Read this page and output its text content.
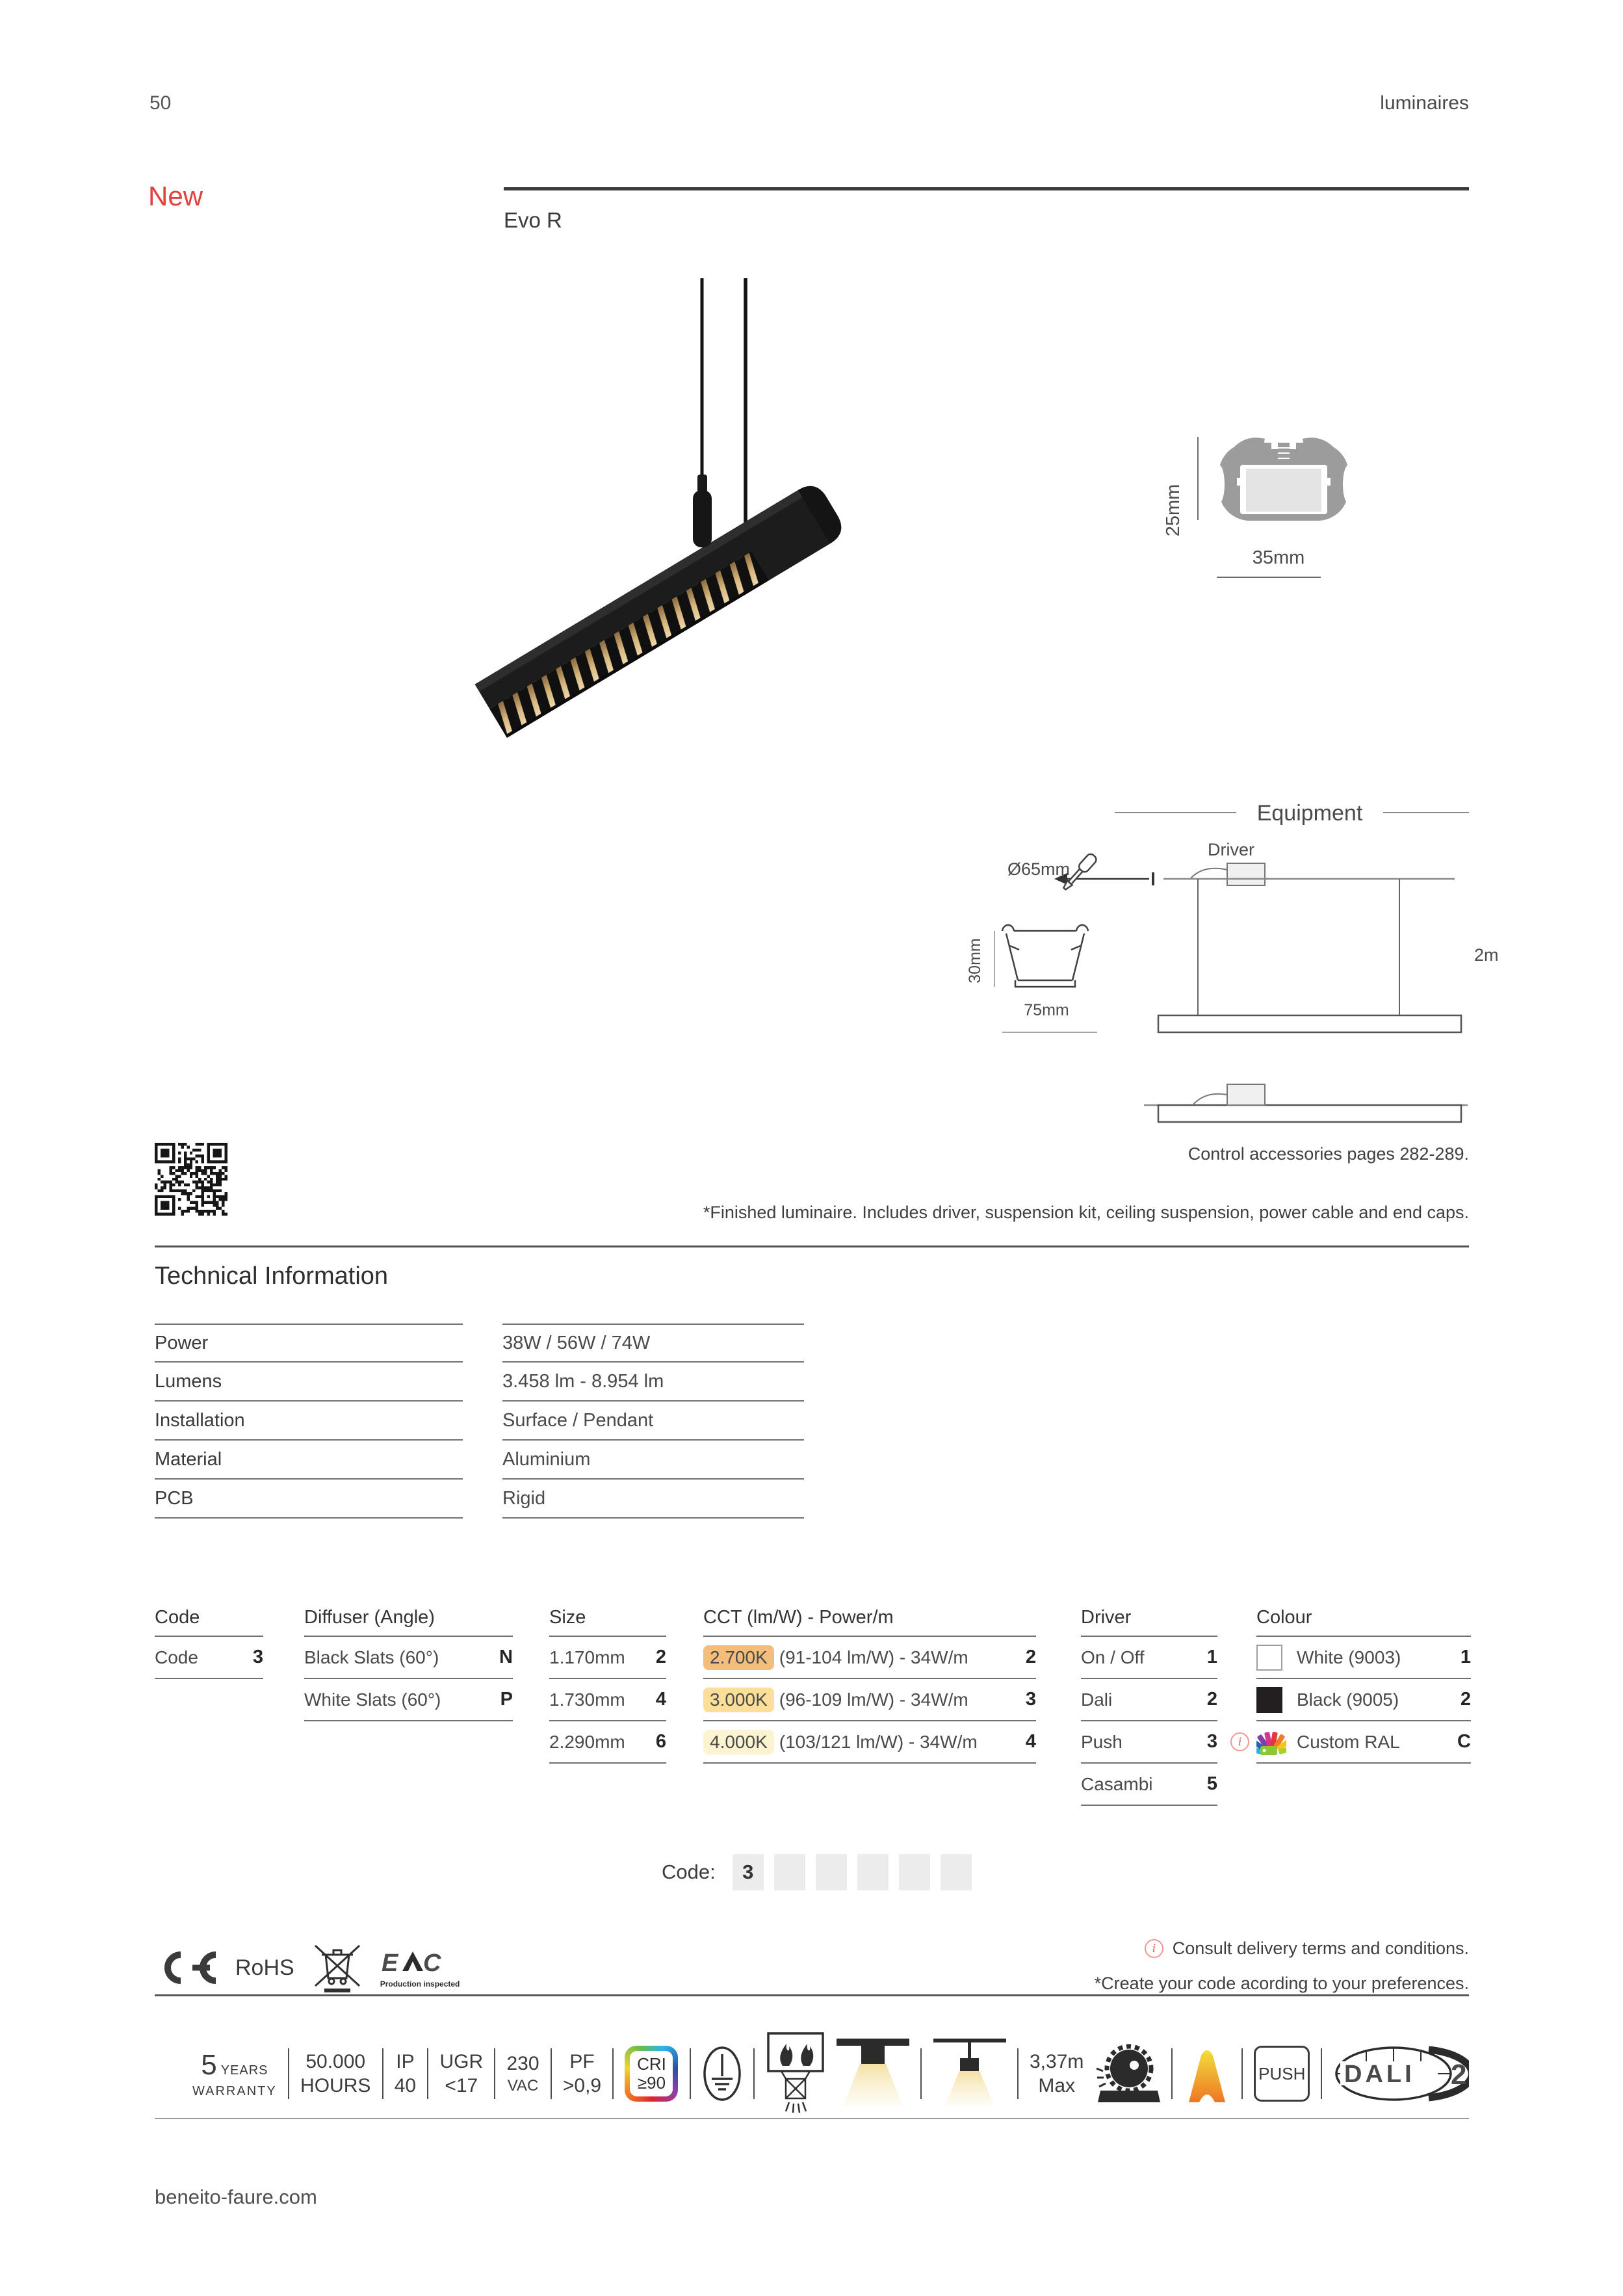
50	luminaires
New
Evo R
25mm
35mm
Equipment
Driver
2m
Ø65mm
30mm
75mm
Control accessories pages 282-289.
*Finished luminaire. Includes driver, suspension kit, ceiling suspension, power cable and end caps.
Technical Information
Power	38W / 56W / 74W
Lumens	3.458 lm - 8.954 lm
Installation	Surface / Pendant
Material	Aluminium
PCB	Rigid
Code
Code	3
Diffuser (Angle)
Black Slats (60°)	N
White Slats (60°)	P
Size
1.170mm 2
1.730mm 4
2.290mm 6
CCT (lm/W) - Power/m
2.700K (91-104 lm/W) - 34W/m	2
3.000K (96-109 lm/W) - 34W/m	3
4.000K (103/121 lm/W) - 34W/m	4
Driver
On / Off	1
Dali	2
Push	3
Casambi	5
Colour
White (9003)	1
Black (9005)	2
i	Custom RAL	C
Code:	3
RoHS	E C
Production inspected
i Consult delivery terms and conditions.
*Create your code acording to your preferences.
5 YEARS
WARRANTY
50.000
HOURS
IP
40
UGR
<17
230
VAC
PF
>0,9
CRI
≥90
3,37m
Max
PUSH DALI 2
beneito-faure.com
